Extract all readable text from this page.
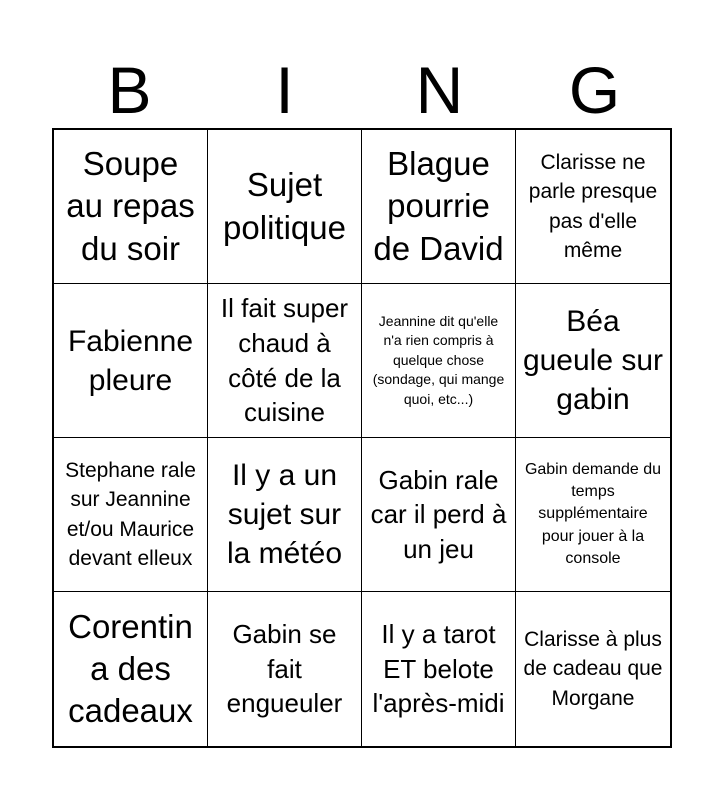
B	I	N	G
Soupe au repas du soir
Sujet politique
Blague pourrie de David
Clarisse ne parle presque pas d'elle même
Fabienne pleure
Il fait super chaud à côté de la cuisine
Jeannine dit qu'elle n'a rien compris à quelque chose (sondage, qui mange quoi, etc...)
Béa gueule sur gabin
Stephane rale sur Jeannine et/ou Maurice devant elleux
Il y a un sujet sur la météo
Gabin rale car il perd à un jeu
Gabin demande du temps supplémentaire pour jouer à la console
Corentin a des cadeaux
Gabin se fait engueuler
Il y a tarot ET belote l'après-midi
Clarisse à plus de cadeau que Morgane
